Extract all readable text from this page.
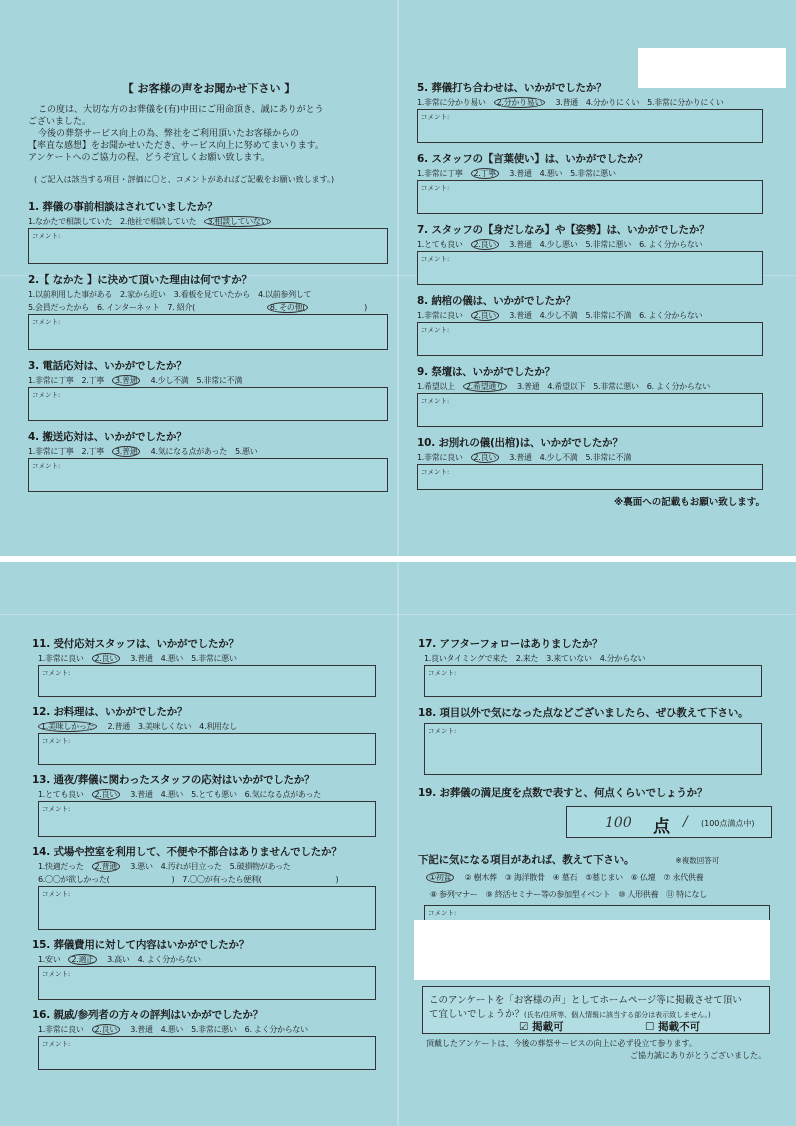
【 お客様の声をお聞かせ下さい 】
この度は、大切な方のお葬儀を(有)中田にご用命頂き、誠にありがとう
ございました。
今後の葬祭サービス向上の為、弊社をご利用頂いたお客様からの
【率直な感想】をお聞かせいただき、サービス向上に努めてまいります。
アンケートへのご協力の程、どうぞ宜しくお願い致します。
( ご記入は該当する項目・評価に〇と、コメントがあればご記載をお願い致します。)
1. 葬儀の事前相談はされていましたか？
1.なかたで相談していた 2.他社で相談していた 3.相談していない
コメント:
2.【 なかた 】に決めて頂いた理由は何ですか？
1.以前利用した事がある 2.家から近い 3.看板を見ていたから 4.以前参列して
5.会員だったから 6. インターネット 7. 紹介(	8. その他(	)
コメント:
3. 電話応対は、いかがでしたか？
1.非常に丁寧 2.丁寧 3.普通 4.少し不満 5.非常に不満
コメント:
4. 搬送応対は、いかがでしたか？
1.非常に丁寧 2.丁寧 3.普通 4.気になる点があった 5.悪い
コメント:
5. 葬儀打ち合わせは、いかがでしたか？
1.非常に分かり易い 2.分かり易い 3.普通 4.分かりにくい 5.非常に分かりにくい
コメント:
6. スタッフの【言葉使い】は、いかがでしたか？
1.非常に丁寧 2.丁寧 3.普通 4.悪い 5.非常に悪い
コメント:
7. スタッフの【身だしなみ】や【姿勢】は、いかがでしたか？
1.とても良い 2.良い 3.普通 4.少し悪い 5.非常に悪い 6. よく分からない
コメント:
8. 納棺の儀は、いかがでしたか？
1.非常に良い 2.良い 3.普通 4.少し不満 5.非常に不満 6. よく分からない
コメント:
9. 祭壇は、いかがでしたか？
1.希望以上 2.希望通り 3.普通 4.希望以下 5.非常に悪い 6. よく分からない
コメント:
10. お別れの儀(出棺)は、いかがでしたか？
1.非常に良い 2.良い 3.普通 4.少し不満 5.非常に不満
コメント:
※裏面への記載もお願い致します。
11. 受付応対スタッフは、いかがでしたか？
1.非常に良い 2.良い 3.普通 4.悪い 5.非常に悪い
コメント:
12. お料理は、いかがでしたか？
1.美味しかった 2.普通 3.美味しくない 4.利用なし
コメント:
13. 通夜/葬儀に関わったスタッフの応対はいかがでしたか？
1.とても良い 2.良い 3.普通 4.悪い 5.とても悪い 6.気になる点があった
コメント:
14. 式場や控室を利用して、不便や不都合はありませんでしたか？
1.快適だった 2.普通 3.悪い 4.汚れが目立った 5.破損物があった
6.〇〇が欲しかった(	) 7.〇〇が有ったら便利(	)
コメント:
15. 葬儀費用に対して内容はいかがでしたか？
1.安い 2.適正 3.高い 4. よく分からない
コメント:
16. 親戚/参列者の方々の評判はいかがでしたか？
1.非常に良い 2.良い 3.普通 4.悪い 5.非常に悪い 6. よく分からない
コメント:
17. アフターフォローはありましたか？
1.良いタイミングで来た 2.来た 3.来ていない 4.分からない
コメント:
18. 項目以外で気になった点などございましたら、ぜひ教えて下さい。
コメント:
19. お葬儀の満足度を点数で表すと、何点くらいでしょうか？
100 点 / (100点満点中)
下記に気になる項目があれば、教えて下さい。	※複数回答可
①初盆 ② 樹木葬 ③ 海洋散骨 ④ 墓石 ⑤墓じまい ⑥ 仏壇 ⑦ 永代供養
⑧ 参列マナー ⑨ 終活セミナー等の参加型イベント ⑩ 人形供養 ⑪ 特になし
コメント:
このアンケートを「お客様の声」としてホームページ等に掲載させて頂い
て宜しいでしょうか？(氏名/住所等、個人情報に該当する部分は表示致しません。)
☑ 掲載可	☐ 掲載不可
頂戴したアンケートは、今後の葬祭サービスの向上に必ず役立て参ります。
ご協力誠にありがとうございました。
